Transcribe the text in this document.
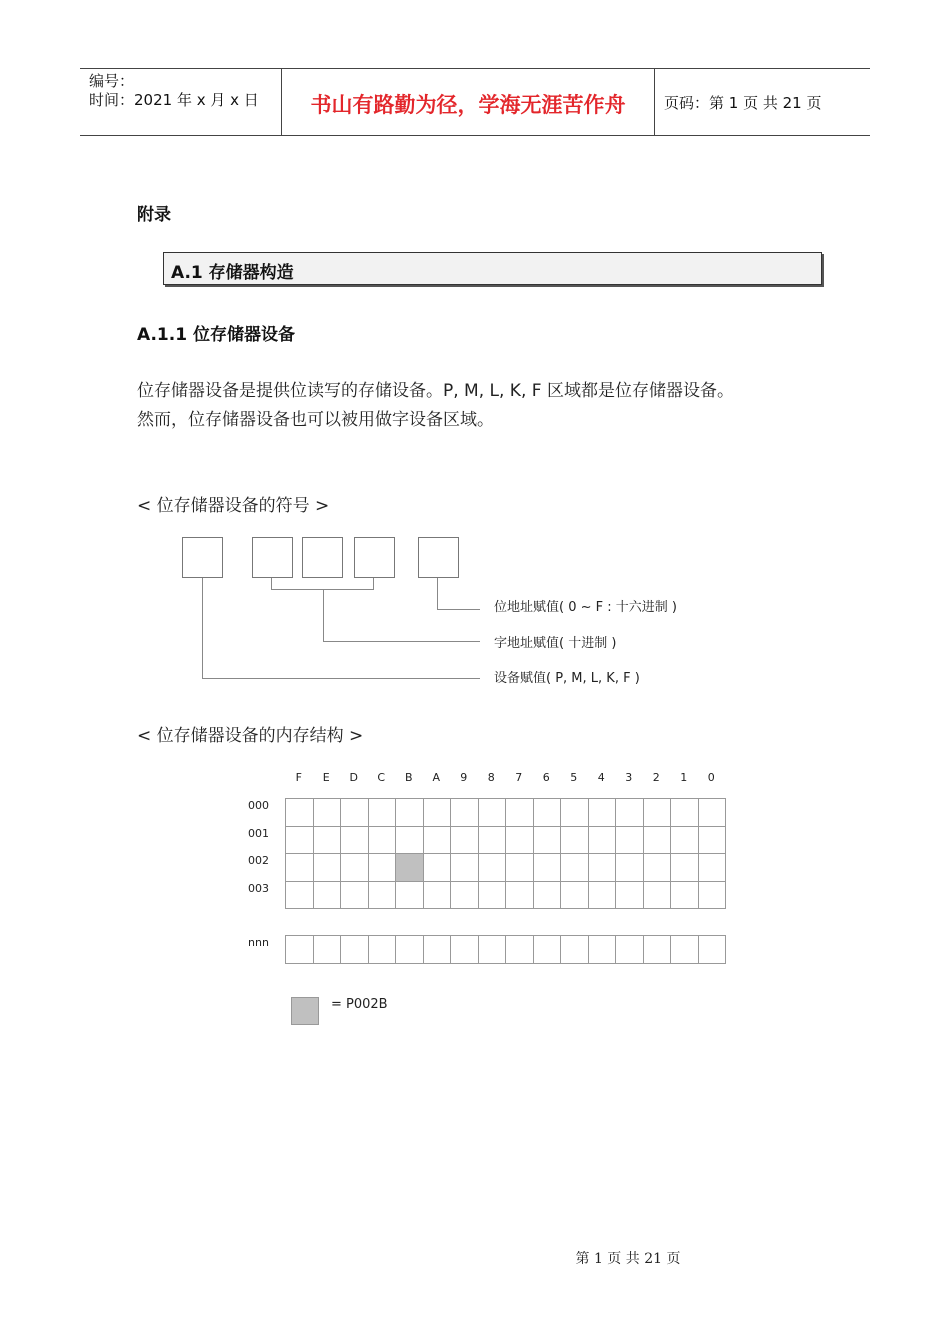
编号：
时间：2021 年 x 月 x 日	书山有路勤为径，学海无涯苦作舟	页码：第 1 页 共 21 页
附录
A.1 存储器构造
A.1.1 位存储器设备
位存储器设备是提供位读写的存储设备。P, M, L, K, F 区域都是位存储器设备。
然而，位存储器设备也可以被用做字设备区域。
< 位存储器设备的符号 >
位地址赋值( 0 ~ F : 十六进制 )
字地址赋值( 十进制 )
设备赋值( P, M, L, K, F )
< 位存储器设备的内存结构 >
F	E	D	C	B	A	9	8	7	6	5	4	3	2	1	0
000
001
002
003
nnn
= P002B
第 1 页 共 21 页
